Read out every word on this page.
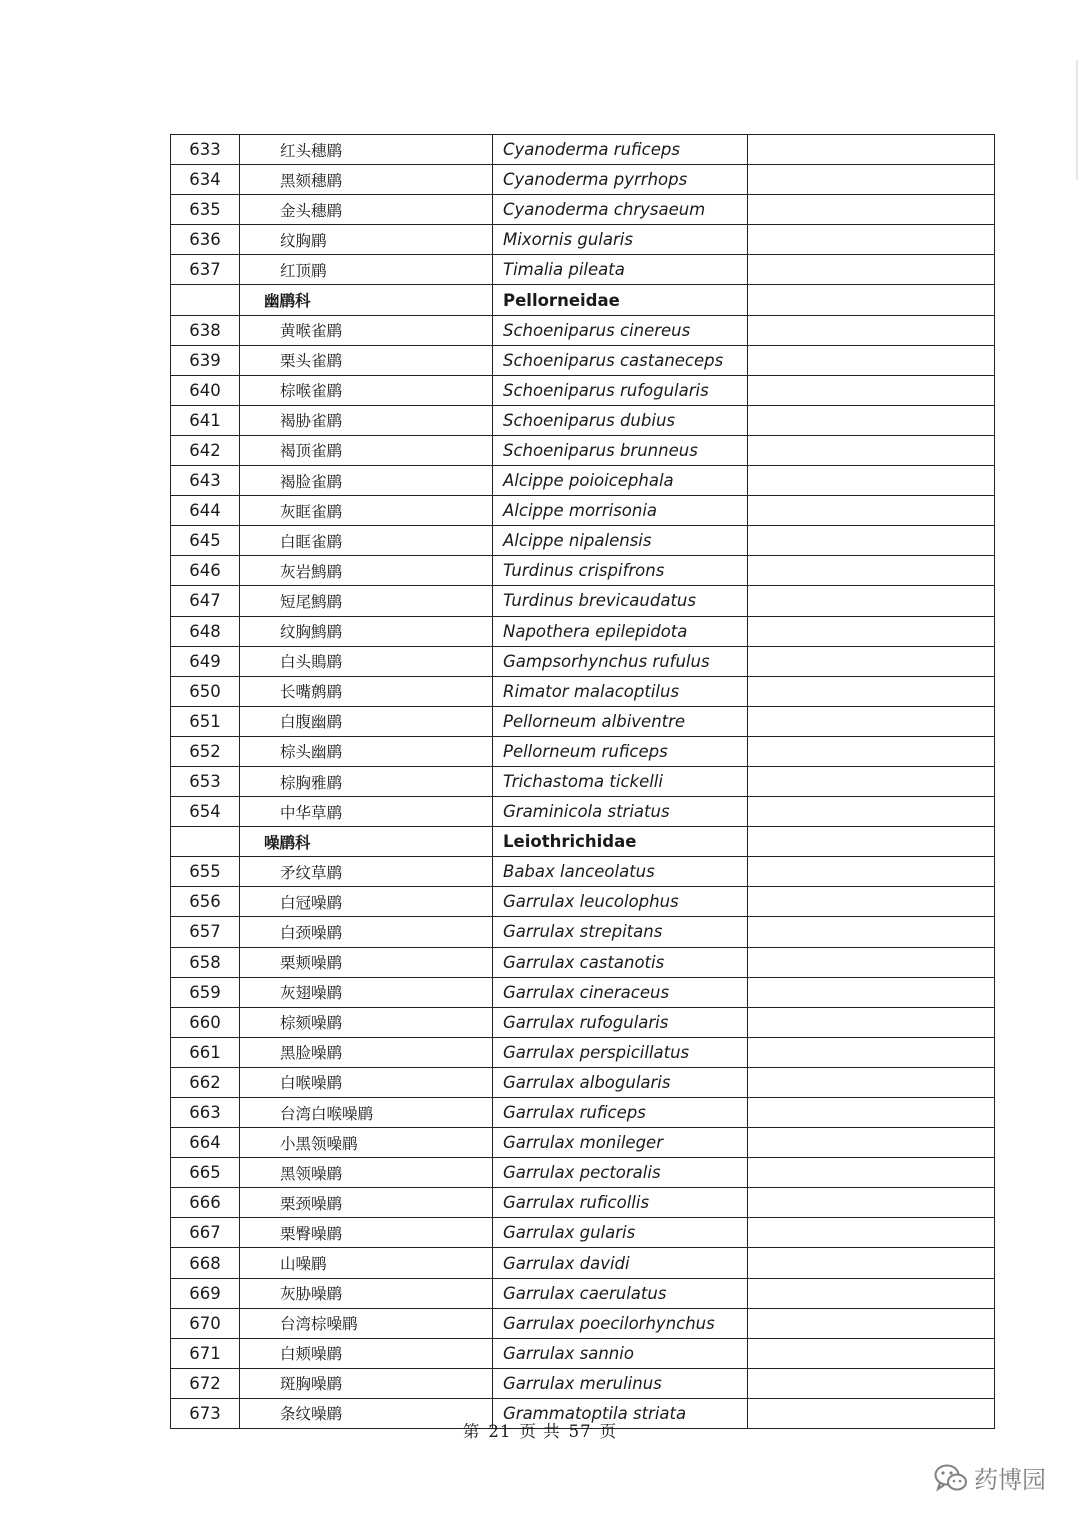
633	红头穗鹛	Cyanoderma ruficeps	
634	黑颏穗鹛	Cyanoderma pyrrhops	
635	金头穗鹛	Cyanoderma chrysaeum	
636	纹胸鹛	Mixornis gularis	
637	红顶鹛	Timalia pileata	
	幽鹛科	Pellorneidae	
638	黄喉雀鹛	Schoeniparus cinereus	
639	栗头雀鹛	Schoeniparus castaneceps	
640	棕喉雀鹛	Schoeniparus rufogularis	
641	褐胁雀鹛	Schoeniparus dubius	
642	褐顶雀鹛	Schoeniparus brunneus	
643	褐脸雀鹛	Alcippe poioicephala	
644	灰眶雀鹛	Alcippe morrisonia	
645	白眶雀鹛	Alcippe nipalensis	
646	灰岩鹪鹛	Turdinus crispifrons	
647	短尾鹪鹛	Turdinus brevicaudatus	
648	纹胸鹪鹛	Napothera epilepidota	
649	白头鵙鹛	Gampsorhynchus rufulus	
650	长嘴鹩鹛	Rimator malacoptilus	
651	白腹幽鹛	Pellorneum albiventre	
652	棕头幽鹛	Pellorneum ruficeps	
653	棕胸雅鹛	Trichastoma tickelli	
654	中华草鹛	Graminicola striatus	
	噪鹛科	Leiothrichidae	
655	矛纹草鹛	Babax lanceolatus	
656	白冠噪鹛	Garrulax leucolophus	
657	白颈噪鹛	Garrulax strepitans	
658	栗颊噪鹛	Garrulax castanotis	
659	灰翅噪鹛	Garrulax cineraceus	
660	棕颏噪鹛	Garrulax rufogularis	
661	黑脸噪鹛	Garrulax perspicillatus	
662	白喉噪鹛	Garrulax albogularis	
663	台湾白喉噪鹛	Garrulax ruficeps	
664	小黑领噪鹛	Garrulax monileger	
665	黑领噪鹛	Garrulax pectoralis	
666	栗颈噪鹛	Garrulax ruficollis	
667	栗臀噪鹛	Garrulax gularis	
668	山噪鹛	Garrulax davidi	
669	灰胁噪鹛	Garrulax caerulatus	
670	台湾棕噪鹛	Garrulax poecilorhynchus	
671	白颊噪鹛	Garrulax sannio	
672	斑胸噪鹛	Garrulax merulinus	
673	条纹噪鹛	Grammatoptila striata	
第 21 页 共 57 页
药博园
